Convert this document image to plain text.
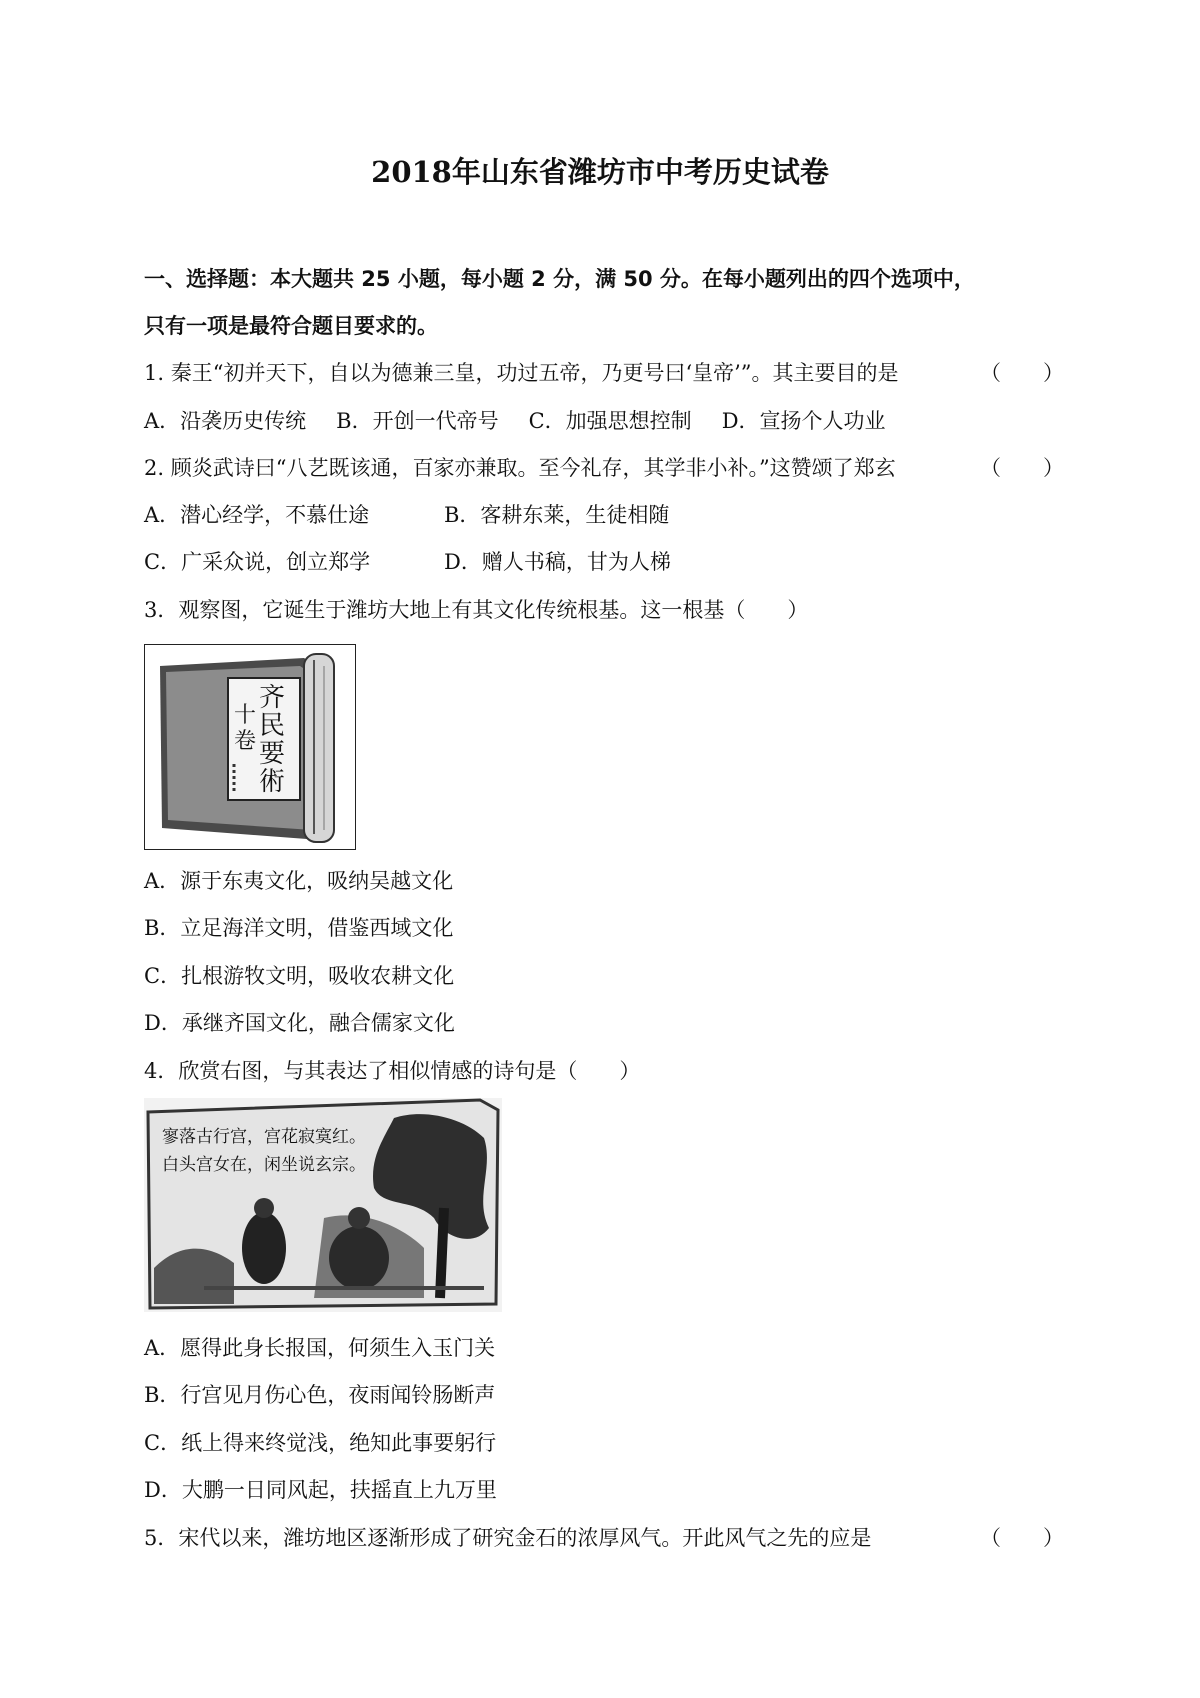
2018年山东省潍坊市中考历史试卷
一、选择题：本大题共 25 小题，每小题 2 分，满 50 分。在每小题列出的四个选项中，
只有一项是最符合题目要求的。
1. 秦王“初并天下，自以为德兼三皇，功过五帝，乃更号曰‘皇帝’”。其主要目的是	（　　）
A．沿袭历史传统 B．开创一代帝号 C．加强思想控制 D．宣扬个人功业
2. 顾炎武诗曰“八艺既该通，百家亦兼取。至今礼存，其学非小补。”这赞颂了郑玄	（　　）
A．潜心经学，不慕仕途	B．客耕东莱，生徒相随
C．广采众说，创立郑学	D．赠人书稿，甘为人梯
3．观察图，它诞生于潍坊大地上有其文化传统根基。这一根基（　　）
齐
民
要
術
十
卷
A．源于东夷文化，吸纳吴越文化
B．立足海洋文明，借鉴西域文化
C．扎根游牧文明，吸收农耕文化
D．承继齐国文化，融合儒家文化
4．欣赏右图，与其表达了相似情感的诗句是（　　）
寥落古行宫，宫花寂寞红。
白头宫女在，闲坐说玄宗。
A．愿得此身长报国，何须生入玉门关
B．行宫见月伤心色，夜雨闻铃肠断声
C．纸上得来终觉浅，绝知此事要躬行
D．大鹏一日同风起，扶摇直上九万里
5．宋代以来，潍坊地区逐渐形成了研究金石的浓厚风气。开此风气之先的应是	（　　）
